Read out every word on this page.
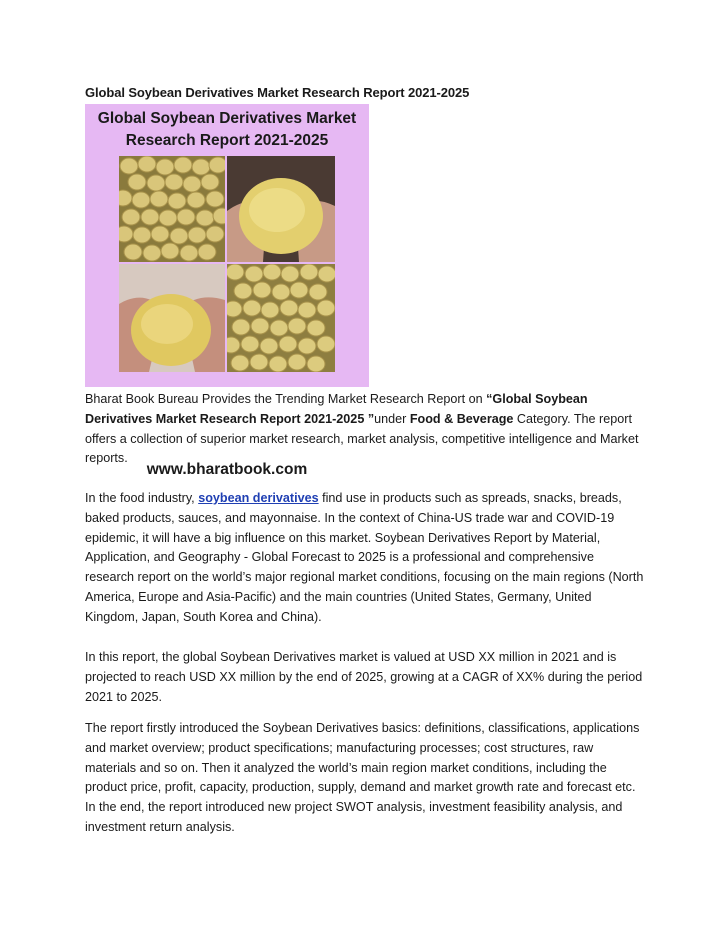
Global Soybean Derivatives Market Research Report 2021-2025
Global Soybean Derivatives Market
Research Report 2021-2025
www.bharatbook.com
Bharat Book Bureau Provides the Trending Market Research Report on “Global Soybean Derivatives Market Research Report 2021-2025 ”under Food & Beverage Category. The report offers a collection of superior market research, market analysis, competitive intelligence and Market reports.
In the food industry, soybean derivatives find use in products such as spreads, snacks, breads, baked products, sauces, and mayonnaise. In the context of China-US trade war and COVID-19 epidemic, it will have a big influence on this market. Soybean Derivatives Report by Material, Application, and Geography - Global Forecast to 2025 is a professional and comprehensive research report on the world’s major regional market conditions, focusing on the main regions (North America, Europe and Asia-Pacific) and the main countries (United States, Germany, United Kingdom, Japan, South Korea and China).
In this report, the global Soybean Derivatives market is valued at USD XX million in 2021 and is projected to reach USD XX million by the end of 2025, growing at a CAGR of XX% during the period 2021 to 2025.
The report firstly introduced the Soybean Derivatives basics: definitions, classifications, applications and market overview; product specifications; manufacturing processes; cost structures, raw materials and so on. Then it analyzed the world’s main region market conditions, including the product price, profit, capacity, production, supply, demand and market growth rate and forecast etc. In the end, the report introduced new project SWOT analysis, investment feasibility analysis, and investment return analysis.
